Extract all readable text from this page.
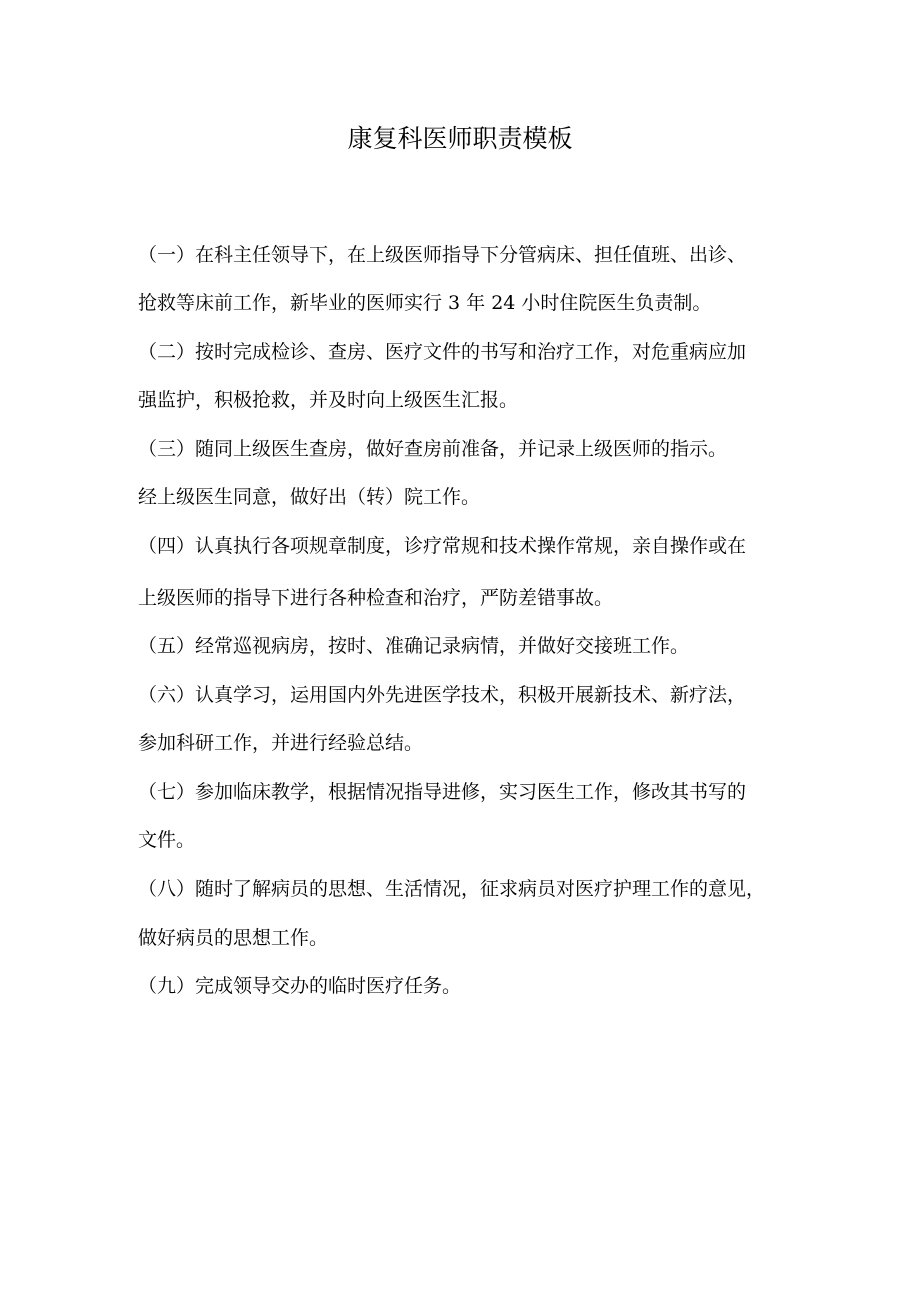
康复科医师职责模板
（一）在科主任领导下，在上级医师指导下分管病床、担任值班、出诊、
抢救等床前工作，新毕业的医师实行 3 年 24 小时住院医生负责制。
（二）按时完成检诊、查房、医疗文件的书写和治疗工作，对危重病应加
强监护，积极抢救，并及时向上级医生汇报。
（三）随同上级医生查房，做好查房前准备，并记录上级医师的指示。
经上级医生同意，做好出（转）院工作。
（四）认真执行各项规章制度，诊疗常规和技术操作常规，亲自操作或在
上级医师的指导下进行各种检查和治疗，严防差错事故。
（五）经常巡视病房，按时、准确记录病情，并做好交接班工作。
（六）认真学习，运用国内外先进医学技术，积极开展新技术、新疗法，
参加科研工作，并进行经验总结。
（七）参加临床教学，根据情况指导进修，实习医生工作，修改其书写的
文件。
（八）随时了解病员的思想、生活情况，征求病员对医疗护理工作的意见，
做好病员的思想工作。
（九）完成领导交办的临时医疗任务。
